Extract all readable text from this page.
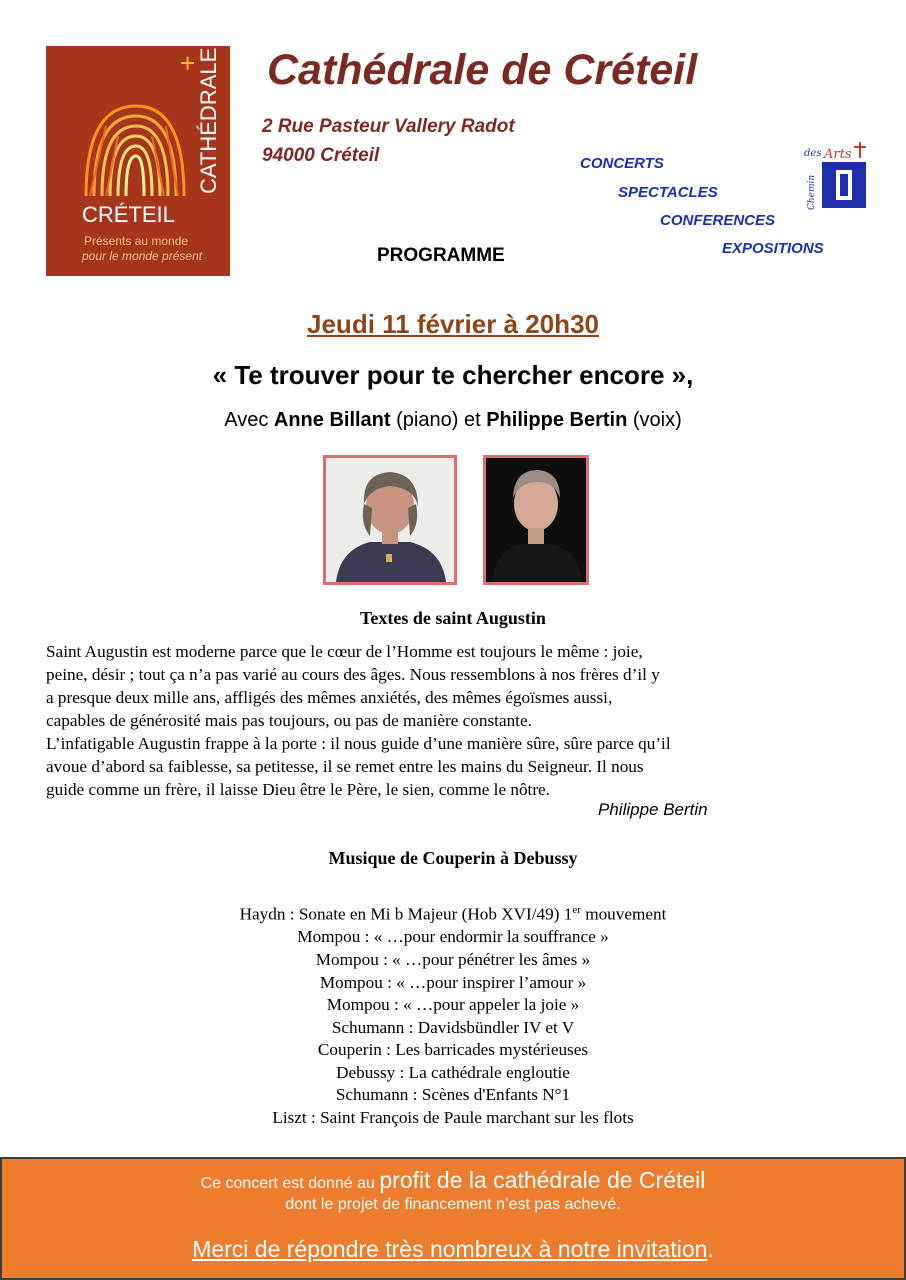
+ CATHÉDRALE
CRÉTEIL
Présents au monde
pour le monde présent
Cathédrale de Créteil
2 Rue Pasteur Vallery Radot
94000 Créteil	CONCERTS
SPECTACLES
CONFERENCES
EXPOSITIONS
des Arts
Chemin
PROGRAMME
Jeudi 11 février à 20h30
« Te trouver pour te chercher encore »,
Avec Anne Billant (piano) et Philippe Bertin (voix)
Textes de saint Augustin

Saint Augustin est moderne parce que le cœur de l’Homme est toujours le même : joie,

peine, désir ; tout ça n’a pas varié au cours des âges. Nous ressemblons à nos frères d’il y

a presque deux mille ans, affligés des mêmes anxiétés, des mêmes égoïsmes aussi,

capables de générosité mais pas toujours, ou pas de manière constante.

L’infatigable Augustin frappe à la porte : il nous guide d’une manière sûre, sûre parce qu’il

avoue d’abord sa faiblesse, sa petitesse, il se remet entre les mains du Seigneur. Il nous

guide comme un frère, il laisse Dieu être le Père, le sien, comme le nôtre.

Philippe Bertin
Musique de Couperin à Debussy
Haydn : Sonate en Mi b Majeur (Hob XVI/49) 1er mouvement
Mompou : « …pour endormir la souffrance »
Mompou : « …pour pénétrer les âmes »
Mompou : « …pour inspirer l’amour »
Mompou : « …pour appeler la joie »
Schumann : Davidsbündler IV et V
Couperin : Les barricades mystérieuses
Debussy : La cathédrale engloutie
Schumann : Scènes d'Enfants N°1
Liszt : Saint François de Paule marchant sur les flots
Ce concert est donné au profit de la cathédrale de Créteil
dont le projet de financement n’est pas achevé.
Merci de répondre très nombreux à notre invitation.
